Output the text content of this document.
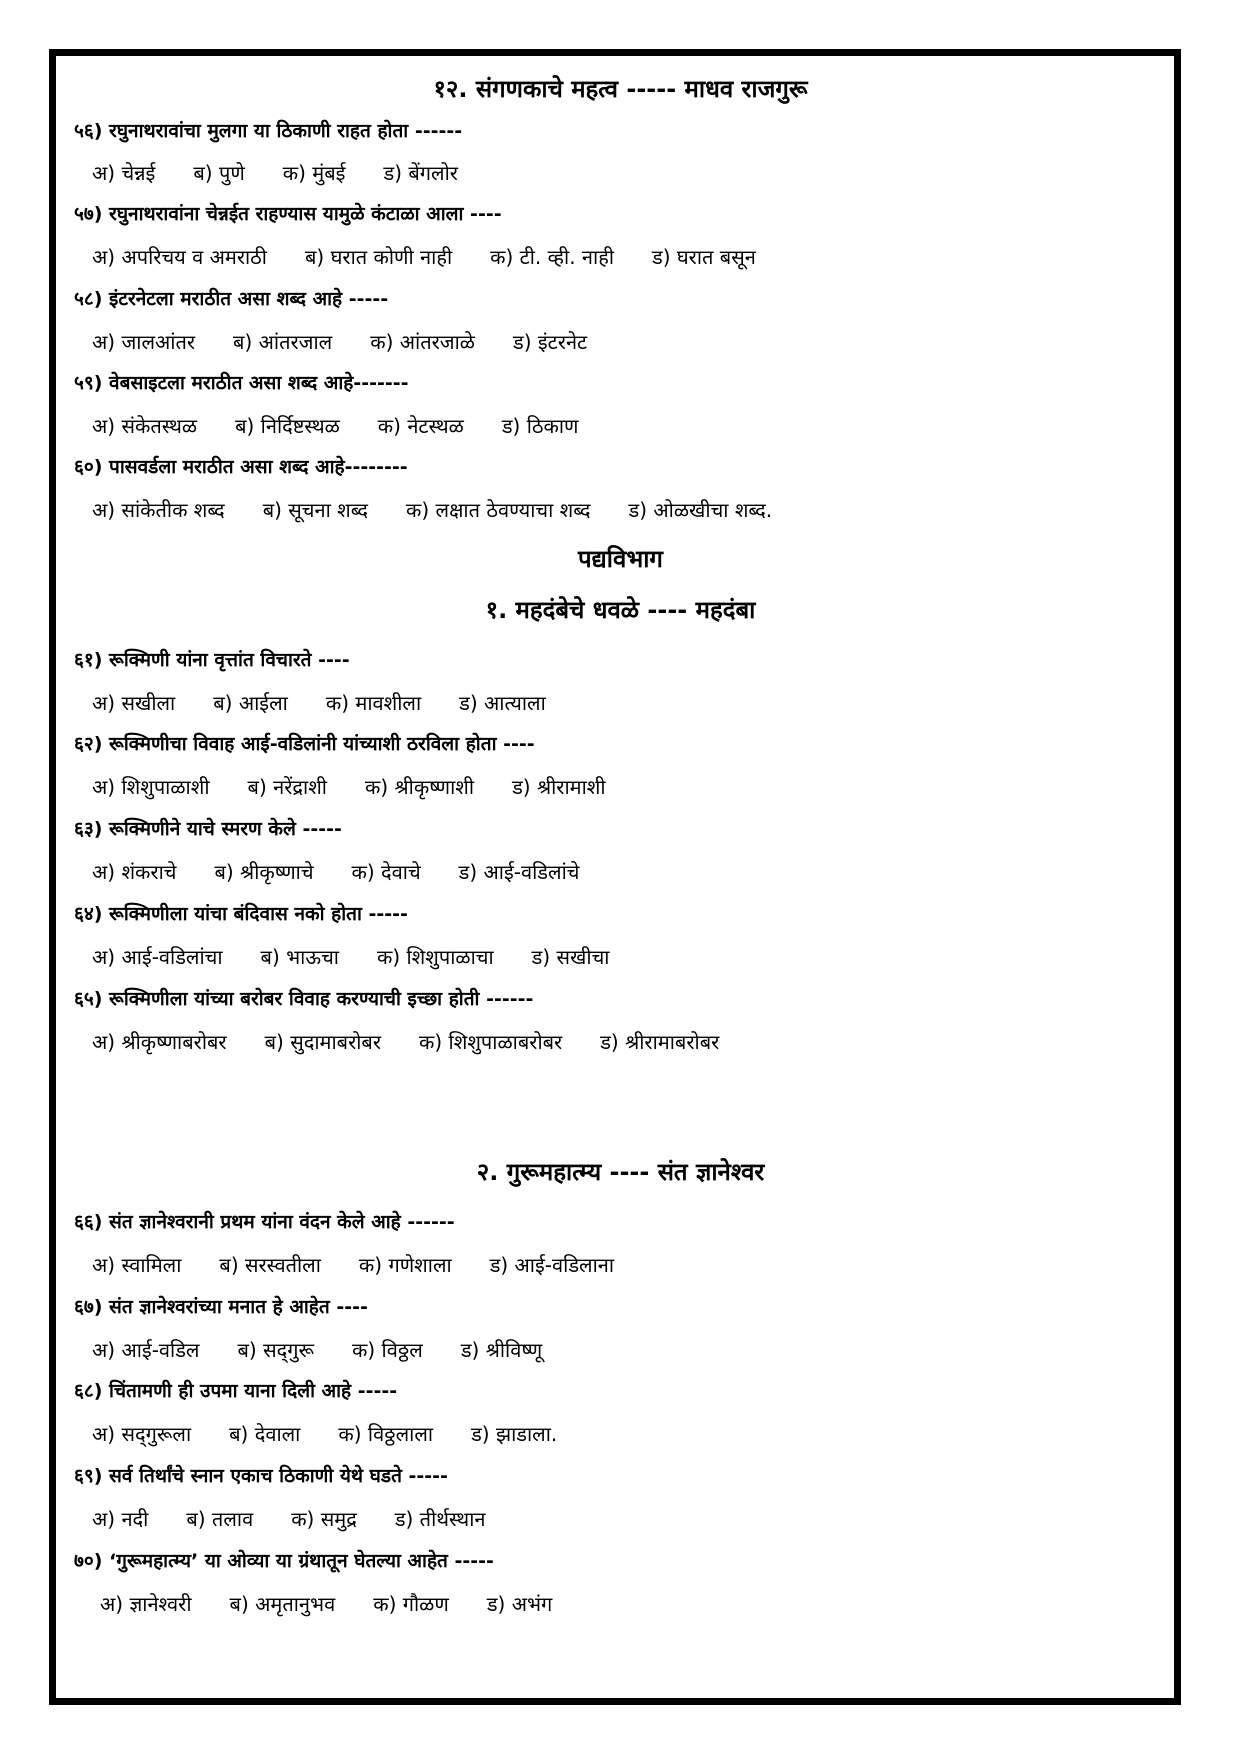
१२. संगणकाचे महत्व ----- माधव राजगुरू
५६) रघुनाथरावांचा मुलगा या ठिकाणी राहत होता ------
अ) चेन्नई ब) पुणे क) मुंबई ड) बेंगलोर
५७) रघुनाथरावांना चेन्नईत राहण्यास यामुळे कंटाळा आला ----
अ) अपरिचय व अमराठी ब) घरात कोणी नाही क) टी. व्ही. नाही ड) घरात बसून
५८) इंटरनेटला मराठीत असा शब्द आहे -----
अ) जालआंतर ब) आंतरजाल क) आंतरजाळे ड) इंटरनेट
५९) वेबसाइटला मराठीत असा शब्द आहे-------
अ) संकेतस्थळ ब) निर्दिष्टस्थळ क) नेटस्थळ ड) ठिकाण
६०) पासवर्डला मराठीत असा शब्द आहे--------
अ) सांकेतीक शब्द ब) सूचना शब्द क) लक्षात ठेवण्याचा शब्द ड) ओळखीचा शब्द.
पद्यविभाग
१. महदंबेचे धवळे ---- महदंबा
६१) रूक्मिणी यांना वृत्तांत विचारते ----
अ) सखीला ब) आईला क) मावशीला ड) आत्याला
६२) रूक्मिणीचा विवाह आई-वडिलांनी यांच्याशी ठरविला होता ----
अ) शिशुपाळाशी ब) नरेंद्राशी क) श्रीकृष्णाशी ड) श्रीरामाशी
६३) रूक्मिणीने याचे स्मरण केले -----
अ) शंकराचे ब) श्रीकृष्णाचे क) देवाचे ड) आई-वडिलांचे
६४) रूक्मिणीला यांचा बंदिवास नको होता -----
अ) आई-वडिलांचा ब) भाऊचा क) शिशुपाळाचा ड) सखीचा
६५) रूक्मिणीला यांच्या बरोबर विवाह करण्याची इच्छा होती ------
अ) श्रीकृष्णाबरोबर ब) सुदामाबरोबर क) शिशुपाळाबरोबर ड) श्रीरामाबरोबर
२. गुरूमहात्म्य ---- संत ज्ञानेश्वर
६६) संत ज्ञानेश्वरानी प्रथम यांना वंदन केले आहे ------
अ) स्वामिला ब) सरस्वतीला क) गणेशाला ड) आई-वडिलाना
६७) संत ज्ञानेश्वरांच्या मनात हे आहेत ----
अ) आई-वडिल ब) सद्‌गुरू क) विठ्ठल ड) श्रीविष्णू
६८) चिंतामणी ही उपमा याना दिली आहे -----
अ) सद्‌गुरूला ब) देवाला क) विठ्ठलाला ड) झाडाला.
६९) सर्व तिर्थांचे स्नान एकाच ठिकाणी येथे घडते -----
अ) नदी ब) तलाव क) समुद्र ड) तीर्थस्थान
७०) ‘गुरूमहात्म्य’ या ओव्या या ग्रंथातून घेतल्या आहेत -----
अ) ज्ञानेश्वरी ब) अमृतानुभव क) गौळण ड) अभंग
